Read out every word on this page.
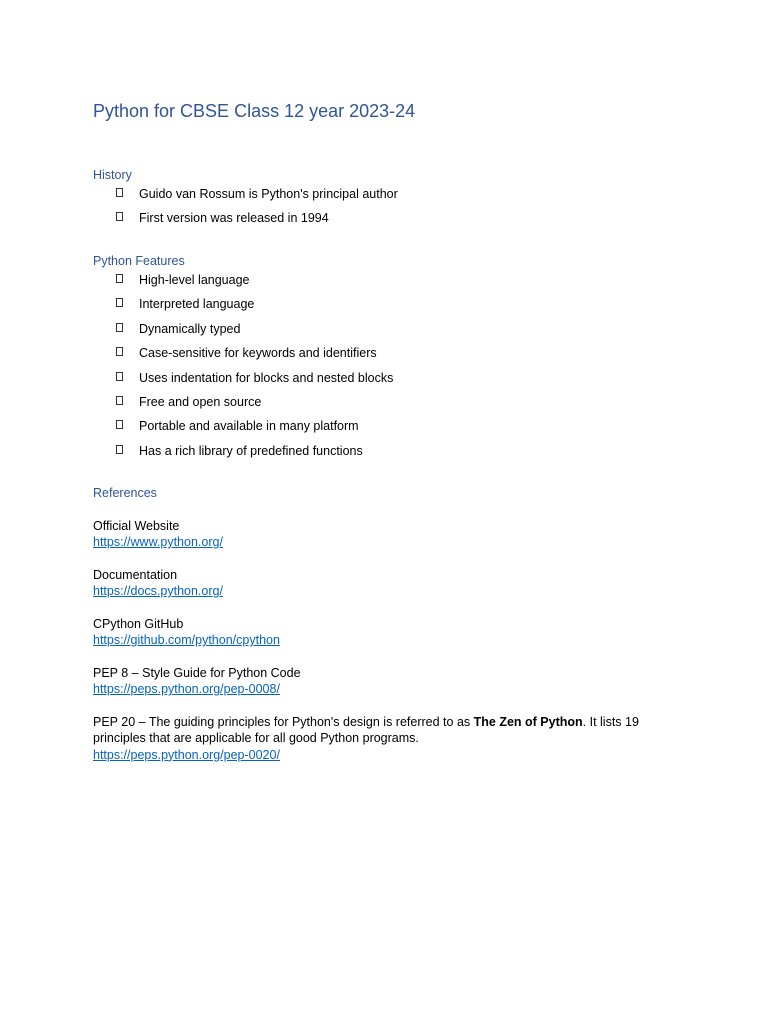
Python for CBSE Class 12 year 2023-24
History
Guido van Rossum is Python's principal author
First version was released in 1994
Python Features
High-level language
Interpreted language
Dynamically typed
Case-sensitive for keywords and identifiers
Uses indentation for blocks and nested blocks
Free and open source
Portable and available in many platform
Has a rich library of predefined functions
References
Official Website
https://www.python.org/
Documentation
https://docs.python.org/
CPython GitHub
https://github.com/python/cpython
PEP 8 – Style Guide for Python Code
https://peps.python.org/pep-0008/
PEP 20 – The guiding principles for Python's design is referred to as The Zen of Python. It lists 19 principles that are applicable for all good Python programs.
https://peps.python.org/pep-0020/
